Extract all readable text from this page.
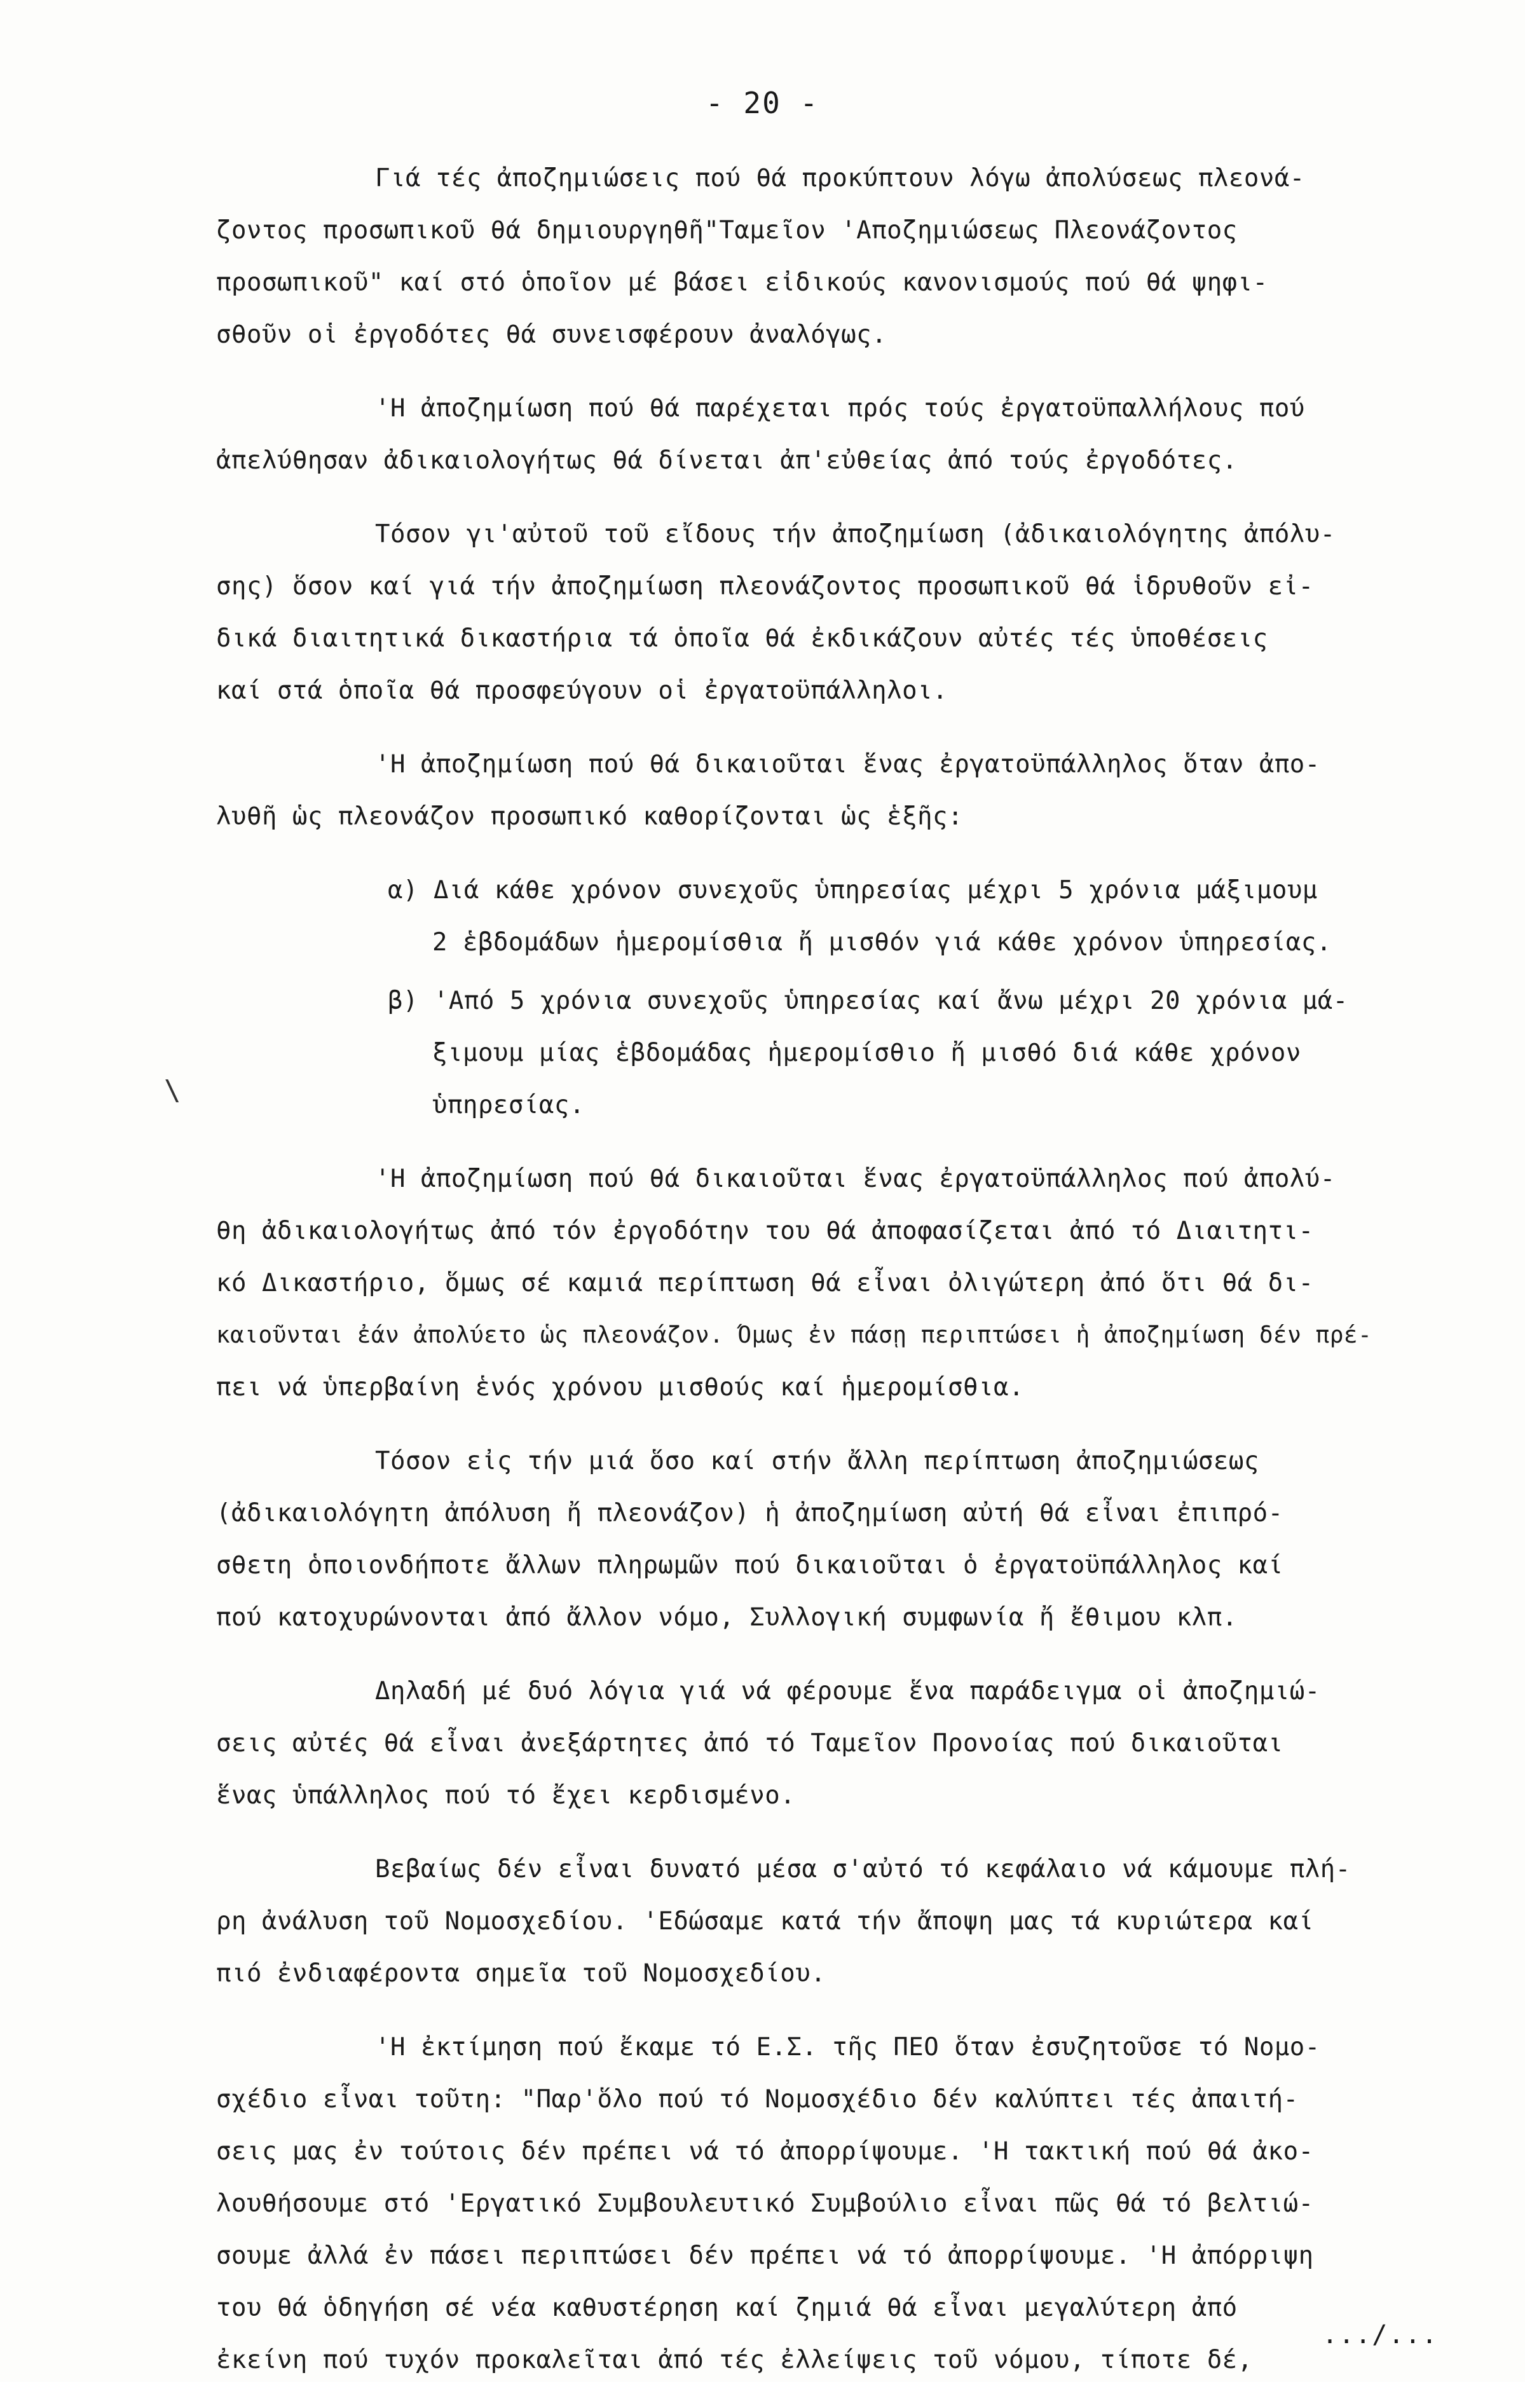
- 20 -
\
Γιά τές ἀποζημιώσεις πού θά προκύπτουν λόγω ἀπολύσεως πλεονά-
ζοντος προσωπικοῦ θά δημιουργηθῆ"Ταμεῖον 'Αποζημιώσεως Πλεονάζοντος
προσωπικοῦ" καί στό ὁποῖον μέ βάσει εἰδικούς κανονισμούς πού θά ψηφι-
σθοῦν οἱ ἐργοδότες θά συνεισφέρουν ἀναλόγως.
'Η ἀποζημίωση πού θά παρέχεται πρός τούς ἐργατοϋπαλλήλους πού
ἀπελύθησαν ἀδικαιολογήτως θά δίνεται ἀπ'εὐθείας ἀπό τούς ἐργοδότες.
Τόσον γι'αὐτοῦ τοῦ εἴδους τήν ἀποζημίωση (ἀδικαιολόγητης ἀπόλυ-
σης) ὅσον καί γιά τήν ἀποζημίωση πλεονάζοντος προσωπικοῦ θά ἱδρυθοῦν εἰ-
δικά διαιτητικά δικαστήρια τά ὁποῖα θά ἐκδικάζουν αὐτές τές ὑποθέσεις
καί στά ὁποῖα θά προσφεύγουν οἱ ἐργατοϋπάλληλοι.
'Η ἀποζημίωση πού θά δικαιοῦται ἕνας ἐργατοϋπάλληλος ὅταν ἀπο-
λυθῆ ὡς πλεονάζον προσωπικό καθορίζονται ὡς ἑξῆς:
α) Διά κάθε χρόνον συνεχοῦς ὑπηρεσίας μέχρι 5 χρόνια μάξιμουμ
2 ἑβδομάδων ἡμερομίσθια ἤ μισθόν γιά κάθε χρόνον ὑπηρεσίας.
β) 'Από 5 χρόνια συνεχοῦς ὑπηρεσίας καί ἄνω μέχρι 20 χρόνια μά-
ξιμουμ μίας ἑβδομάδας ἡμερομίσθιο ἤ μισθό διά κάθε χρόνον
ὑπηρεσίας.
'Η ἀποζημίωση πού θά δικαιοῦται ἕνας ἐργατοϋπάλληλος πού ἀπολύ-
θη ἀδικαιολογήτως ἀπό τόν ἐργοδότην του θά ἀποφασίζεται ἀπό τό Διαιτητι-
κό Δικαστήριο, ὅμως σέ καμιά περίπτωση θά εἶναι ὀλιγώτερη ἀπό ὅτι θά δι-
καιοῦνται ἐάν ἀπολύετο ὡς πλεονάζον. Όμως ἐν πάσῃ περιπτώσει ἡ ἀποζημίωση δέν πρέ-
πει νά ὑπερβαίνη ἑνός χρόνου μισθούς καί ἡμερομίσθια.
Τόσον εἰς τήν μιά ὅσο καί στήν ἄλλη περίπτωση ἀποζημιώσεως
(ἀδικαιολόγητη ἀπόλυση ἤ πλεονάζον) ἡ ἀποζημίωση αὐτή θά εἶναι ἐπιπρό-
σθετη ὁποιονδήποτε ἄλλων πληρωμῶν πού δικαιοῦται ὁ ἐργατοϋπάλληλος καί
πού κατοχυρώνονται ἀπό ἄλλον νόμο, Συλλογική συμφωνία ἤ ἔθιμου κλπ.
Δηλαδή μέ δυό λόγια γιά νά φέρουμε ἕνα παράδειγμα οἱ ἀποζημιώ-
σεις αὐτές θά εἶναι ἀνεξάρτητες ἀπό τό Ταμεῖον Προνοίας πού δικαιοῦται
ἕνας ὑπάλληλος πού τό ἔχει κερδισμένο.
Βεβαίως δέν εἶναι δυνατό μέσα σ'αὐτό τό κεφάλαιο νά κάμουμε πλή-
ρη ἀνάλυση τοῦ Νομοσχεδίου. 'Εδώσαμε κατά τήν ἄποψη μας τά κυριώτερα καί
πιό ἐνδιαφέροντα σημεῖα τοῦ Νομοσχεδίου.
'Η ἐκτίμηση πού ἔκαμε τό Ε.Σ. τῆς ΠΕΟ ὅταν ἐσυζητοῦσε τό Νομο-
σχέδιο εἶναι τοῦτη: "Παρ'ὅλο πού τό Νομοσχέδιο δέν καλύπτει τές ἀπαιτή-
σεις μας ἐν τούτοις δέν πρέπει νά τό ἀπορρίψουμε. 'Η τακτική πού θά ἀκο-
λουθήσουμε στό 'Εργατικό Συμβουλευτικό Συμβούλιο εἶναι πῶς θά τό βελτιώ-
σουμε ἀλλά ἐν πάσει περιπτώσει δέν πρέπει νά τό ἀπορρίψουμε. 'Η ἀπόρριψη
του θά ὁδηγήση σέ νέα καθυστέρηση καί ζημιά θά εἶναι μεγαλύτερη ἀπό
ἐκείνη πού τυχόν προκαλεῖται ἀπό τές ἐλλείψεις τοῦ νόμου, τίποτε δέ,
.../...
